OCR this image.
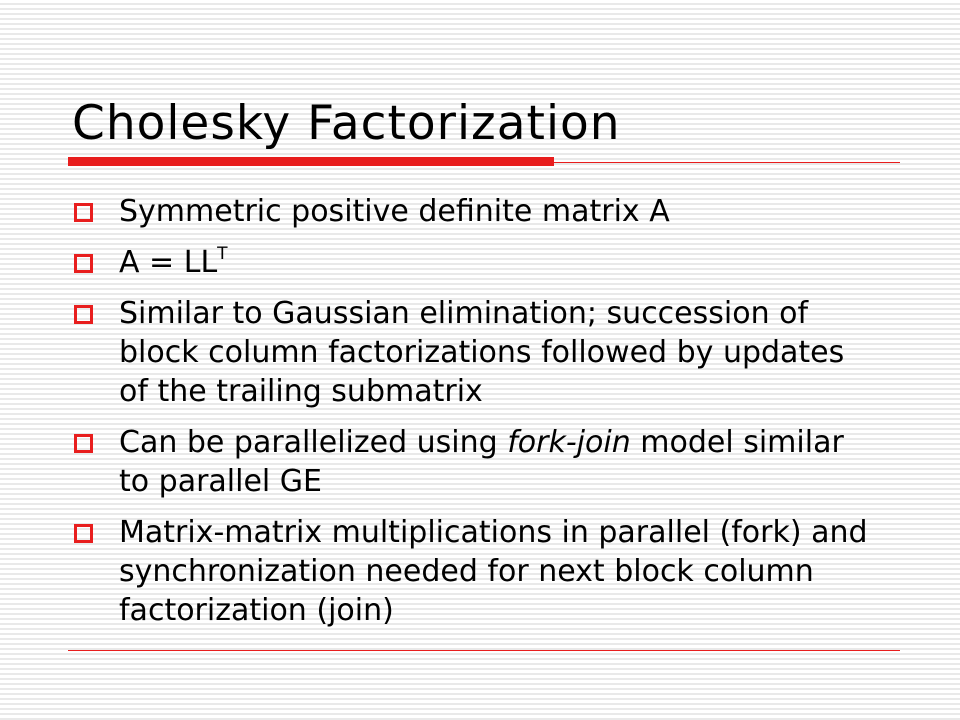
Cholesky Factorization
Symmetric positive definite matrix A
$A = LL^T$
Similar to Gaussian elimination; succession of block column factorizations followed by updates of the trailing submatrix
Can be parallelized using fork-join model similar to parallel GE
Matrix-matrix multiplications in parallel (fork) and synchronization needed for next block column factorization (join)
